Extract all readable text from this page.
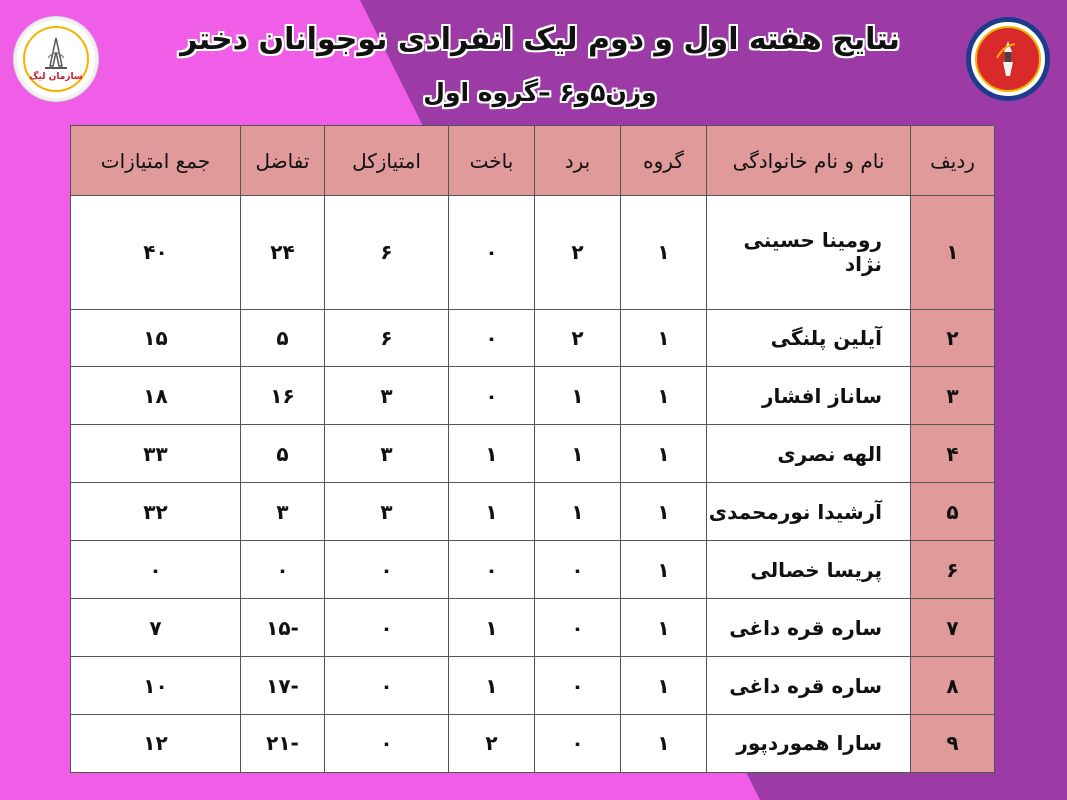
سازمان لیگ
نتایج هفته اول و دوم لیک انفرادی نوجوانان دختر
وزن۵و۶ –گروه اول
ردیف	نام و نام خانوادگی	گروه	برد	باخت	امتیازکل	تفاضل	جمع امتیازات
۱	رومینا حسینی نژاد	۱	۲	۰	۶	۲۴	۴۰
۲	آیلین پلنگی	۱	۲	۰	۶	۵	۱۵
۳	ساناز افشار	۱	۱	۰	۳	۱۶	۱۸
۴	الهه نصری	۱	۱	۱	۳	۵	۳۳
۵	آرشیدا نورمحمدی	۱	۱	۱	۳	۳	۳۲
۶	پریسا خصالی	۱	۰	۰	۰	۰	۰
۷	ساره قره داغی	۱	۰	۱	۰	-۱۵	۷
۸	ساره قره داغی	۱	۰	۱	۰	-۱۷	۱۰
۹	سارا همورد‌پور	۱	۰	۲	۰	-۲۱	۱۲
